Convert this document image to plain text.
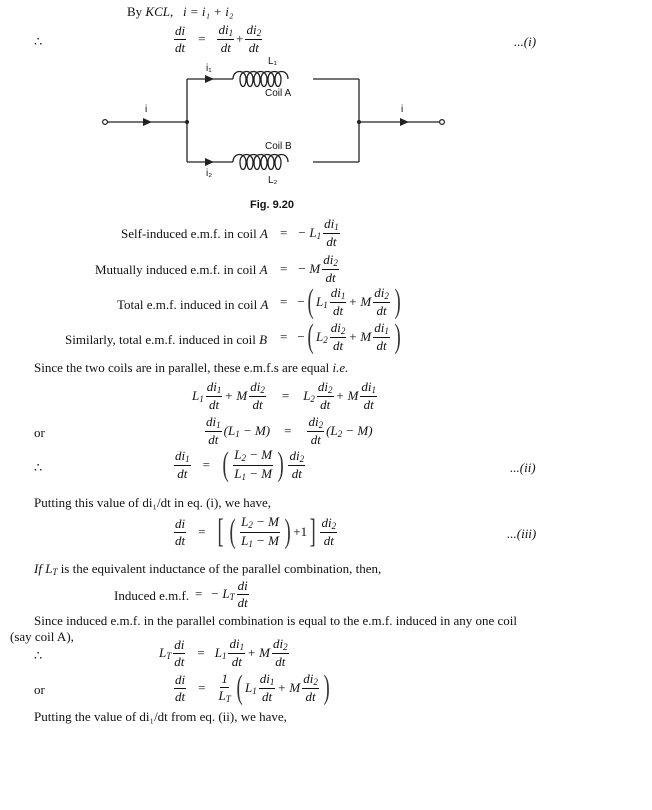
By KCL,   i = i₁ + i₂
∴	$\frac{di}{dt} = \frac{di_1}{dt} + \frac{di_2}{dt}$	...(i)
i₁
L₁
Coil A
i	i
Coil B
i₂
L₂
Fig. 9.20
Self-induced e.m.f. in coil A = − $L_1 \frac{di_1}{dt}$
Mutually induced e.m.f. in coil A = − M $\frac{di_2}{dt}$
Total e.m.f. induced in coil A = − ( $L_1 \frac{di_1}{dt} + M \frac{di_2}{dt}$ )
Similarly, total e.m.f. induced in coil B = − ( $L_2 \frac{di_2}{dt} + M \frac{di_1}{dt}$ )
Since the two coils are in parallel, these e.m.f.s are equal i.e.
$L_1 \frac{di_1}{dt} + M \frac{di_2}{dt} = L_2 \frac{di_2}{dt} + M \frac{di_1}{dt}$
or	$\frac{di_1}{dt} (L_1 - M) = \frac{di_2}{dt} (L_2 - M)$
∴	$\frac{di_1}{dt}$ = ( $\frac{L_2 - M}{L_1 - M}$ ) $\frac{di_2}{dt}$	...(ii)
Putting this value of di₁/dt in eq. (i), we have,
$\frac{di}{dt}$ = [ ( $\frac{L_2 - M}{L_1 - M}$ ) +1 ] $\frac{di_2}{dt}$	...(iii)
If $L_T$ is the equivalent inductance of the parallel combination, then,
Induced e.m.f. = − $L_T \frac{di}{dt}$
Since induced e.m.f. in the parallel combination is equal to the e.m.f. induced in any one coil
(say coil A),
∴	$L_T \frac{di}{dt} = L_1 \frac{di_1}{dt} + M \frac{di_2}{dt}$
or	$\frac{di}{dt} = \frac{1}{L_T}$ ( $L_1 \frac{di_1}{dt} + M \frac{di_2}{dt}$ )
Putting the value of di₁/dt from eq. (ii), we have,
